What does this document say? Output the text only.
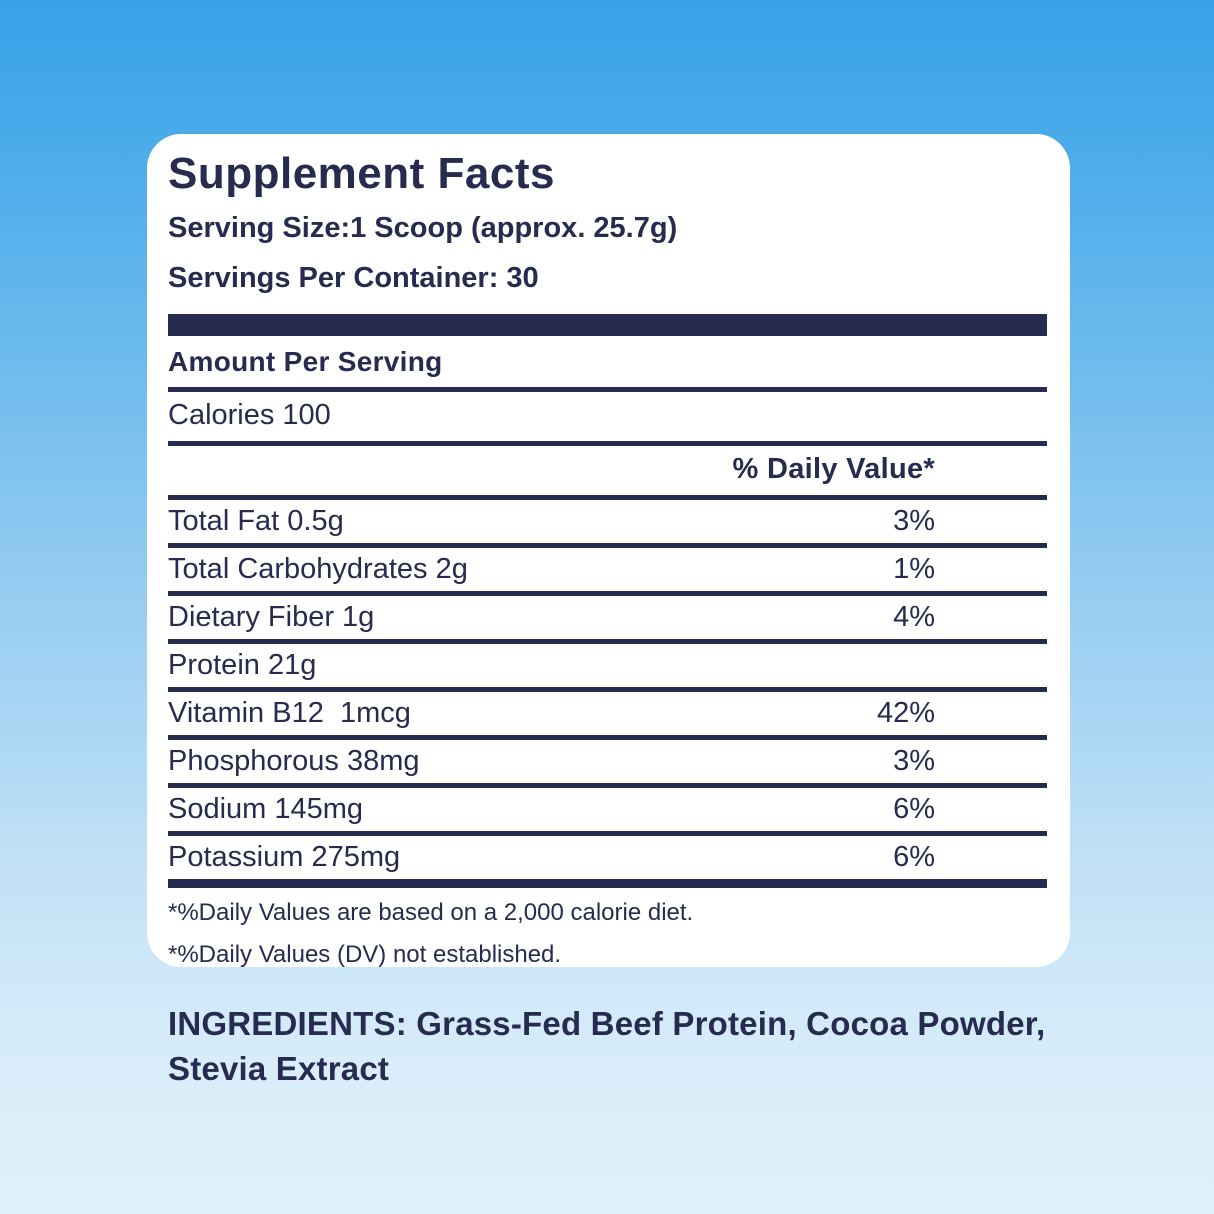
Supplement Facts
Serving Size:1 Scoop (approx. 25.7g)
Servings Per Container: 30
Amount Per Serving
Calories 100
% Daily Value*
Total Fat 0.5g	3%
Total Carbohydrates 2g	1%
Dietary Fiber 1g	4%
Protein 21g
Vitamin B12  1mcg	42%
Phosphorous 38mg	3%
Sodium 145mg	6%
Potassium 275mg	6%
*%Daily Values are based on a 2,000 calorie diet.
*%Daily Values (DV) not established.
INGREDIENTS: Grass-Fed Beef Protein, Cocoa Powder, Stevia Extract
